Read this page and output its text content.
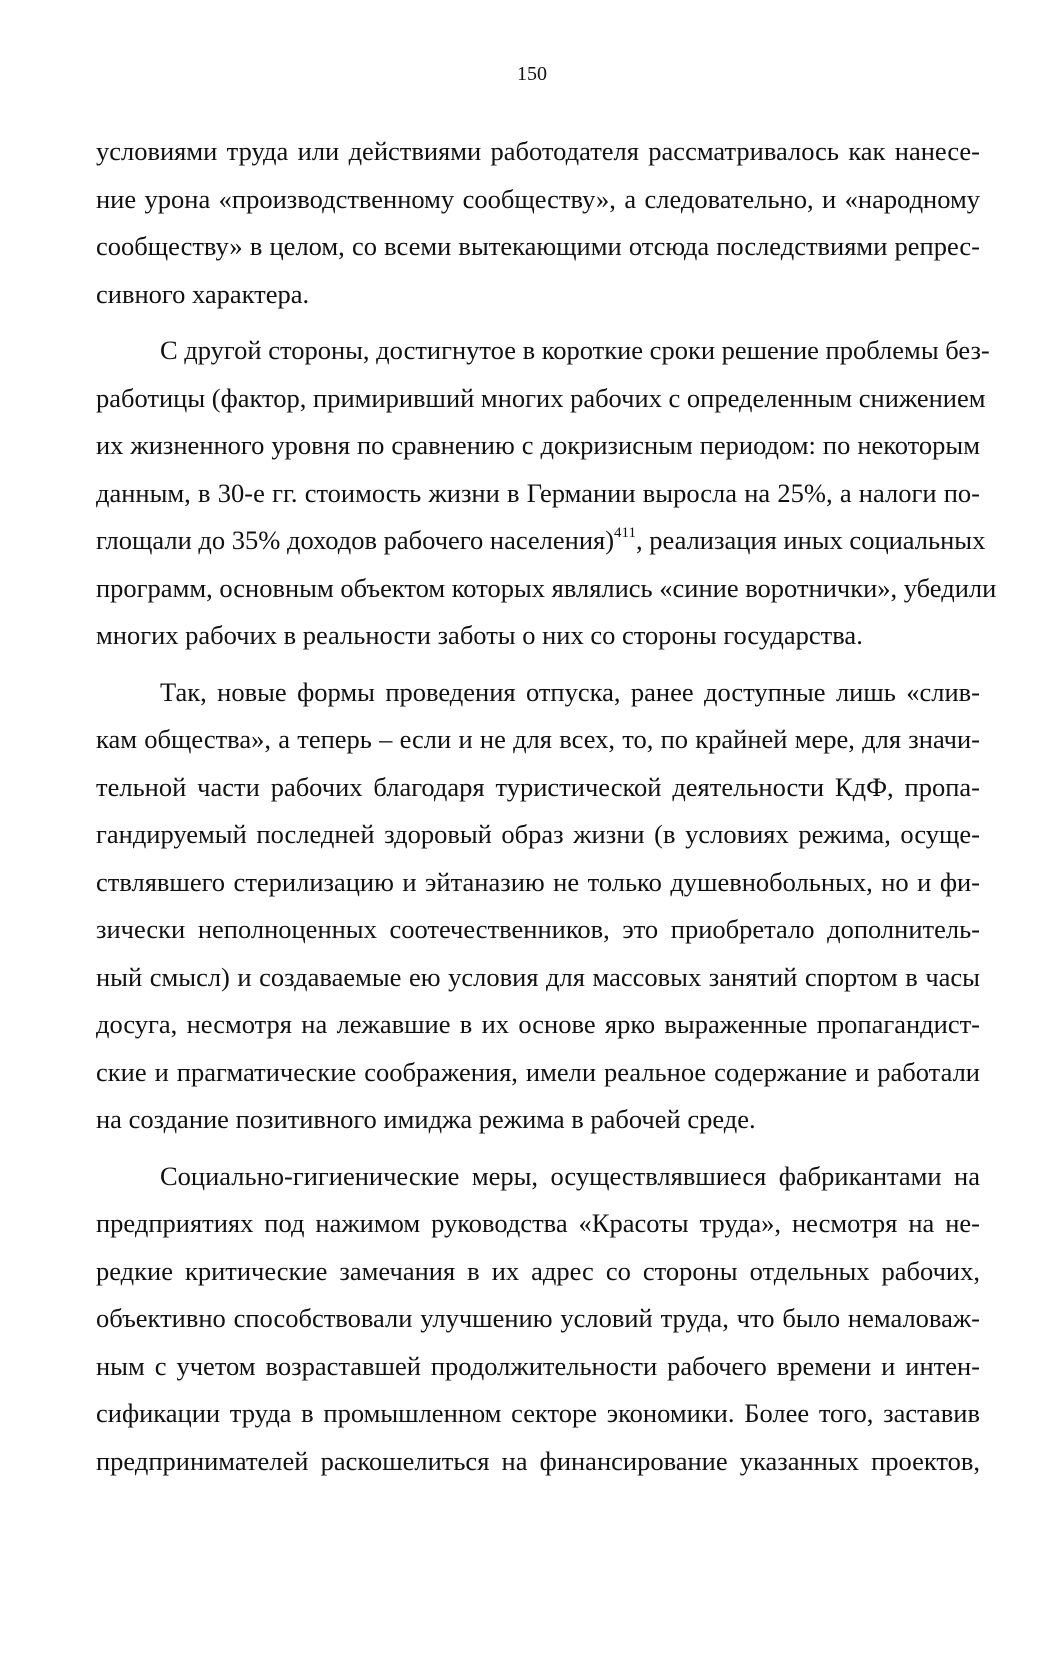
150
условиями труда или действиями работодателя рассматривалось как нанесе-
ние урона «производственному сообществу», а следовательно, и «народному
сообществу» в целом, со всеми вытекающими отсюда последствиями репрес-
сивного характера.
С другой стороны, достигнутое в короткие сроки решение проблемы без-
работицы (фактор, примиривший многих рабочих с определенным снижением
их жизненного уровня по сравнению с докризисным периодом: по некоторым
данным, в 30-е гг. стоимость жизни в Германии выросла на 25%, а налоги по-
глощали до 35% доходов рабочего населения)$^{411}$, реализация иных социальных
программ, основным объектом которых являлись «синие воротнички», убедили
многих рабочих в реальности заботы о них со стороны государства.
Так, новые формы проведения отпуска, ранее доступные лишь «слив-
кам общества», а теперь – если и не для всех, то, по крайней мере, для значи-
тельной части рабочих благодаря туристической деятельности КдФ, пропа-
гандируемый последней здоровый образ жизни (в условиях режима, осуще-
ствлявшего стерилизацию и эйтаназию не только душевнобольных, но и фи-
зически неполноценных соотечественников, это приобретало дополнитель-
ный смысл) и создаваемые ею условия для массовых занятий спортом в часы
досуга, несмотря на лежавшие в их основе ярко выраженные пропагандист-
ские и прагматические соображения, имели реальное содержание и работали
на создание позитивного имиджа режима в рабочей среде.
Социально-гигиенические меры, осуществлявшиеся фабрикантами на
предприятиях под нажимом руководства «Красоты труда», несмотря на не-
редкие критические замечания в их адрес со стороны отдельных рабочих,
объективно способствовали улучшению условий труда, что было немаловаж-
ным с учетом возраставшей продолжительности рабочего времени и интен-
сификации труда в промышленном секторе экономики. Более того, заставив
предпринимателей раскошелиться на финансирование указанных проектов,
